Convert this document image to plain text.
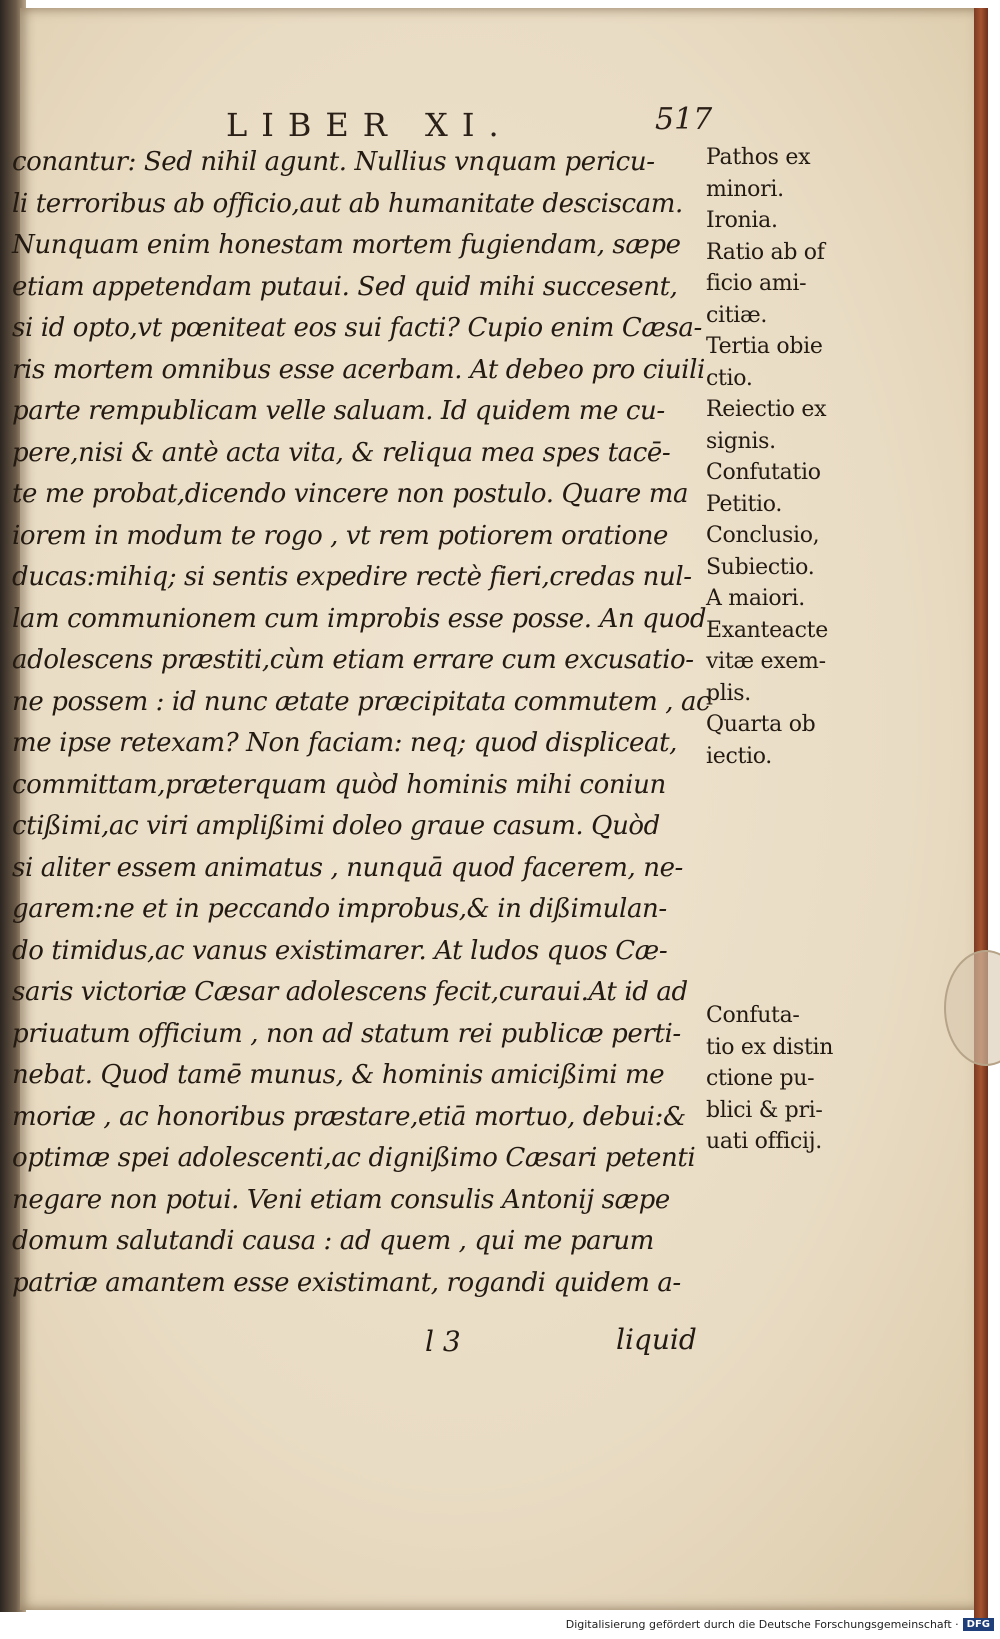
LIBER XI.	517
conantur: Sed nihil agunt. Nullius vnquam pericu-
li terroribus ab officio,aut ab humanitate desciscam.
Nunquam enim honestam mortem fugiendam, sæpe
etiam appetendam putaui. Sed quid mihi succesent,
si id opto,vt pœniteat eos sui facti? Cupio enim Cæsa-
ris mortem omnibus esse acerbam. At debeo pro ciuili
parte rempublicam velle saluam. Id quidem me cu-
pere,nisi & antè acta vita, & reliqua mea spes tacē-
te me probat,dicendo vincere non postulo. Quare ma
iorem in modum te rogo , vt rem potiorem oratione
ducas:mihiq; si sentis expedire rectè fieri,credas nul-
lam communionem cum improbis esse posse. An quod
adolescens præstiti,cùm etiam errare cum excusatio-
ne possem : id nunc ætate præcipitata commutem , ac
me ipse retexam? Non faciam: neq; quod displiceat,
committam,præterquam quòd hominis mihi coniun
ctißimi,ac viri amplißimi doleo graue casum. Quòd
si aliter essem animatus , nunquā quod facerem, ne-
garem:ne et in peccando improbus,& in dißimulan-
do timidus,ac vanus existimarer. At ludos quos Cæ-
saris victoriæ Cæsar adolescens fecit,curaui.At id ad
priuatum officium , non ad statum rei publicæ perti-
nebat. Quod tamē munus, & hominis amicißimi me
moriæ , ac honoribus præstare,etiā mortuo, debui:&
optimæ spei adolescenti,ac dignißimo Cæsari petenti
negare non potui. Veni etiam consulis Antonij sæpe
domum salutandi causa : ad quem , qui me parum
patriæ amantem esse existimant, rogandi quidem a-
Pathos ex
minori.
Ironia.
Ratio ab of
ficio ami-
citiæ.
Tertia obie
ctio.
Reiectio ex
signis.
Confutatio
Petitio.
Conclusio,
Subiectio.
A maiori.
Exanteacte
vitæ exem-
plis.
Quarta ob
iectio.
Confuta-
tio ex distin
ctione pu-
blici & pri-
uati officij.
l 3	liquid
Digitalisierung gefördert durch die Deutsche Forschungsgemeinschaft · DFG
